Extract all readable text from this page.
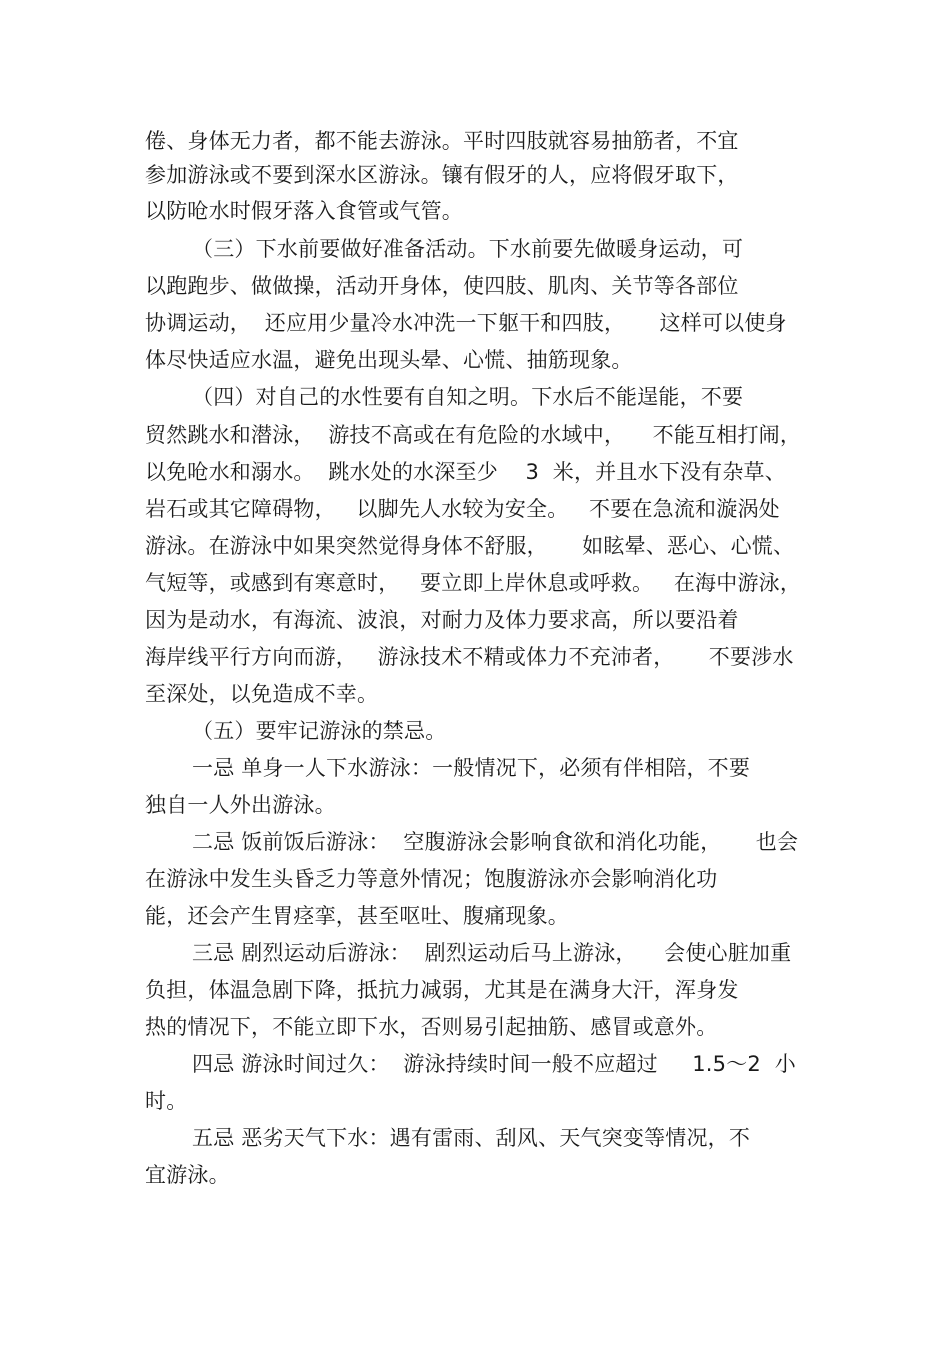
倦、身体无力者，都不能去游泳。平时四肢就容易抽筋者，不宜
参加游泳或不要到深水区游泳。镶有假牙的人，应将假牙取下，
以防呛水时假牙落入食管或气管。
（三）下水前要做好准备活动。下水前要先做暖身运动，可
以跑跑步、做做操，活动开身体，使四肢、肌肉、关节等各部位
协调运动，  还应用少量冷水冲洗一下躯干和四肢，     这样可以使身
体尽快适应水温，避免出现头晕、心慌、抽筋现象。
（四）对自己的水性要有自知之明。下水后不能逞能，不要
贸然跳水和潜泳，  游技不高或在有危险的水域中，    不能互相打闹，
以免呛水和溺水。  跳水处的水深至少    3  米，并且水下没有杂草、
岩石或其它障碍物，   以脚先人水较为安全。   不要在急流和漩涡处
游泳。在游泳中如果突然觉得身体不舒服，     如眩晕、恶心、心慌、
气短等，或感到有寒意时，   要立即上岸休息或呼救。   在海中游泳，
因为是动水，有海流、波浪，对耐力及体力要求高，所以要沿着
海岸线平行方向而游，   游泳技术不精或体力不充沛者，     不要涉水
至深处，以免造成不幸。
（五）要牢记游泳的禁忌。
一忌 单身一人下水游泳：一般情况下，必须有伴相陪，不要
独自一人外出游泳。
二忌 饭前饭后游泳：  空腹游泳会影响食欲和消化功能，     也会
在游泳中发生头昏乏力等意外情况；饱腹游泳亦会影响消化功
能，还会产生胃痉挛，甚至呕吐、腹痛现象。
三忌 剧烈运动后游泳：  剧烈运动后马上游泳，    会使心脏加重
负担，体温急剧下降，抵抗力减弱，尤其是在满身大汗，浑身发
热的情况下，不能立即下水，否则易引起抽筋、感冒或意外。
四忌 游泳时间过久：  游泳持续时间一般不应超过     1.5～2  小
时。
五忌 恶劣天气下水：遇有雷雨、刮风、天气突变等情况，不
宜游泳。
